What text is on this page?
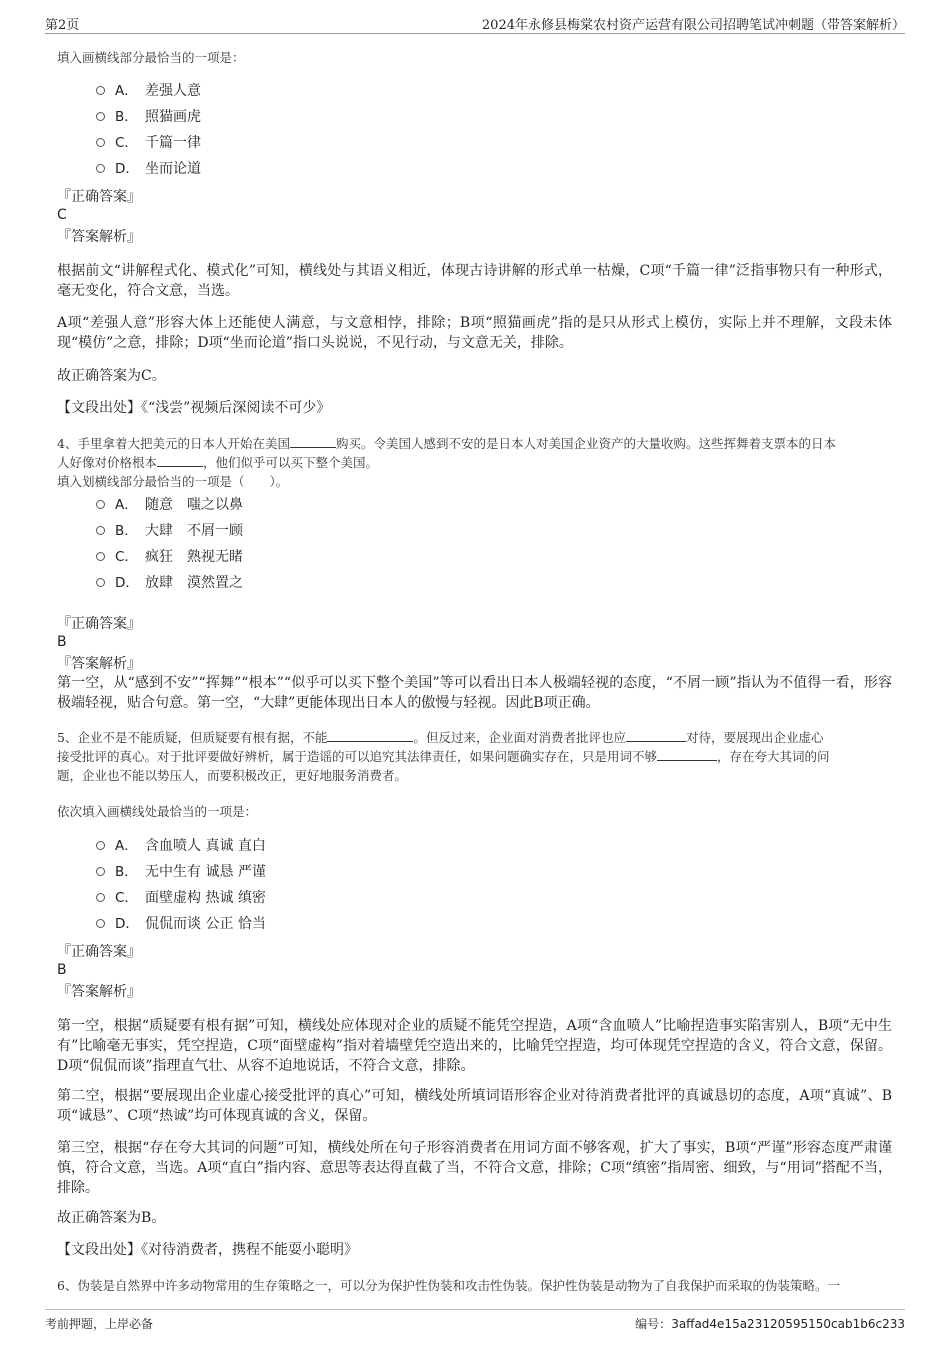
第2页	2024年永修县梅棠农村资产运营有限公司招聘笔试冲刺题（带答案解析）
填入画横线部分最恰当的一项是：
A． 差强人意
B． 照猫画虎
C． 千篇一律
D． 坐而论道
『正确答案』
C
『答案解析』
根据前文“讲解程式化、模式化”可知，横线处与其语义相近，体现古诗讲解的形式单一枯燥，C项“千篇一律”泛指事物只有一种形式，毫无变化，符合文意，当选。
A项“差强人意”形容大体上还能使人满意，与文意相悖，排除；B项“照猫画虎”指的是只从形式上模仿，实际上并不理解，文段未体现“模仿”之意，排除；D项“坐而论道”指口头说说，不见行动，与文意无关，排除。
故正确答案为C。
【文段出处】《“浅尝”视频后深阅读不可少》
4、手里拿着大把美元的日本人开始在美国	购买。令美国人感到不安的是日本人对美国企业资产的大量收购。这些挥舞着支票本的日本
人好像对价格根本	，他们似乎可以买下整个美国。
填入划横线部分最恰当的一项是（　　）。
A． 随意　嗤之以鼻
B． 大肆　不屑一顾
C． 疯狂　熟视无睹
D． 放肆　漠然置之
『正确答案』
B
『答案解析』
第一空，从“感到不安”“挥舞”“根本”“似乎可以买下整个美国”等可以看出日本人极端轻视的态度，“不屑一顾”指认为不值得一看，形容极端轻视，贴合句意。第一空，“大肆”更能体现出日本人的傲慢与轻视。因此B项正确。
5、企业不是不能质疑，但质疑要有根有据，不能	。但反过来，企业面对消费者批评也应	对待，要展现出企业虚心
接受批评的真心。对于批评要做好辨析，属于造谣的可以追究其法律责任，如果问题确实存在，只是用词不够	，存在夸大其词的问
题，企业也不能以势压人，而要积极改正，更好地服务消费者。
依次填入画横线处最恰当的一项是：
A． 含血喷人 真诚 直白
B． 无中生有 诚恳 严谨
C． 面壁虚构 热诚 缜密
D． 侃侃而谈 公正 恰当
『正确答案』
B
『答案解析』
第一空，根据“质疑要有根有据”可知，横线处应体现对企业的质疑不能凭空捏造，A项“含血喷人”比喻捏造事实陷害别人，B项“无中生有”比喻毫无事实，凭空捏造，C项“面壁虚构”指对着墙壁凭空造出来的，比喻凭空捏造，均可体现凭空捏造的含义，符合文意，保留。D项“侃侃而谈”指理直气壮、从容不迫地说话，不符合文意，排除。
第二空，根据“要展现出企业虚心接受批评的真心”可知，横线处所填词语形容企业对待消费者批评的真诚恳切的态度，A项“真诚”、B项“诚恳”、C项“热诚”均可体现真诚的含义，保留。
第三空，根据“存在夸大其词的问题”可知，横线处所在句子形容消费者在用词方面不够客观，扩大了事实，B项“严谨”形容态度严肃谨慎，符合文意，当选。A项“直白”指内容、意思等表达得直截了当，不符合文意，排除；C项“缜密”指周密、细致，与“用词”搭配不当，排除。
故正确答案为B。
【文段出处】《对待消费者，携程不能耍小聪明》
6、伪装是自然界中许多动物常用的生存策略之一，可以分为保护性伪装和攻击性伪装。保护性伪装是动物为了自我保护而采取的伪装策略。一
考前押题，上岸必备	编号：3affad4e15a23120595150cab1b6c233
